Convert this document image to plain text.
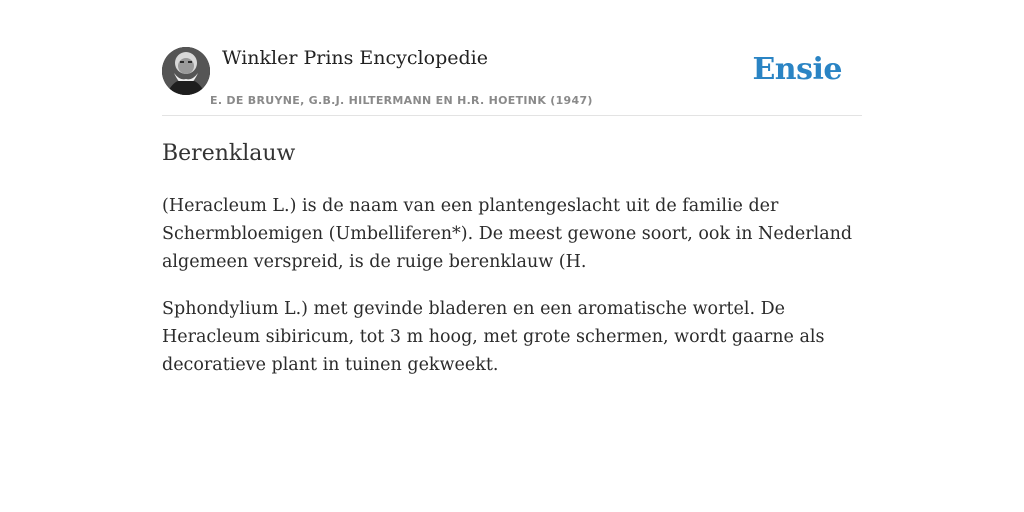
Winkler Prins Encyclopedie
E. DE BRUYNE, G.B.J. HILTERMANN EN H.R. HOETINK (1947)
Ensie
Berenklauw

(Heracleum L.) is de naam van een plantengeslacht uit de familie der Schermbloemigen (Umbelliferen*). De meest gewone soort, ook in Nederland algemeen verspreid, is de ruige berenklauw (H.

Sphondylium L.) met gevinde bladeren en een aromatische wortel. De Heracleum sibiricum, tot 3 m hoog, met grote schermen, wordt gaarne als decoratieve plant in tuinen gekweekt.
